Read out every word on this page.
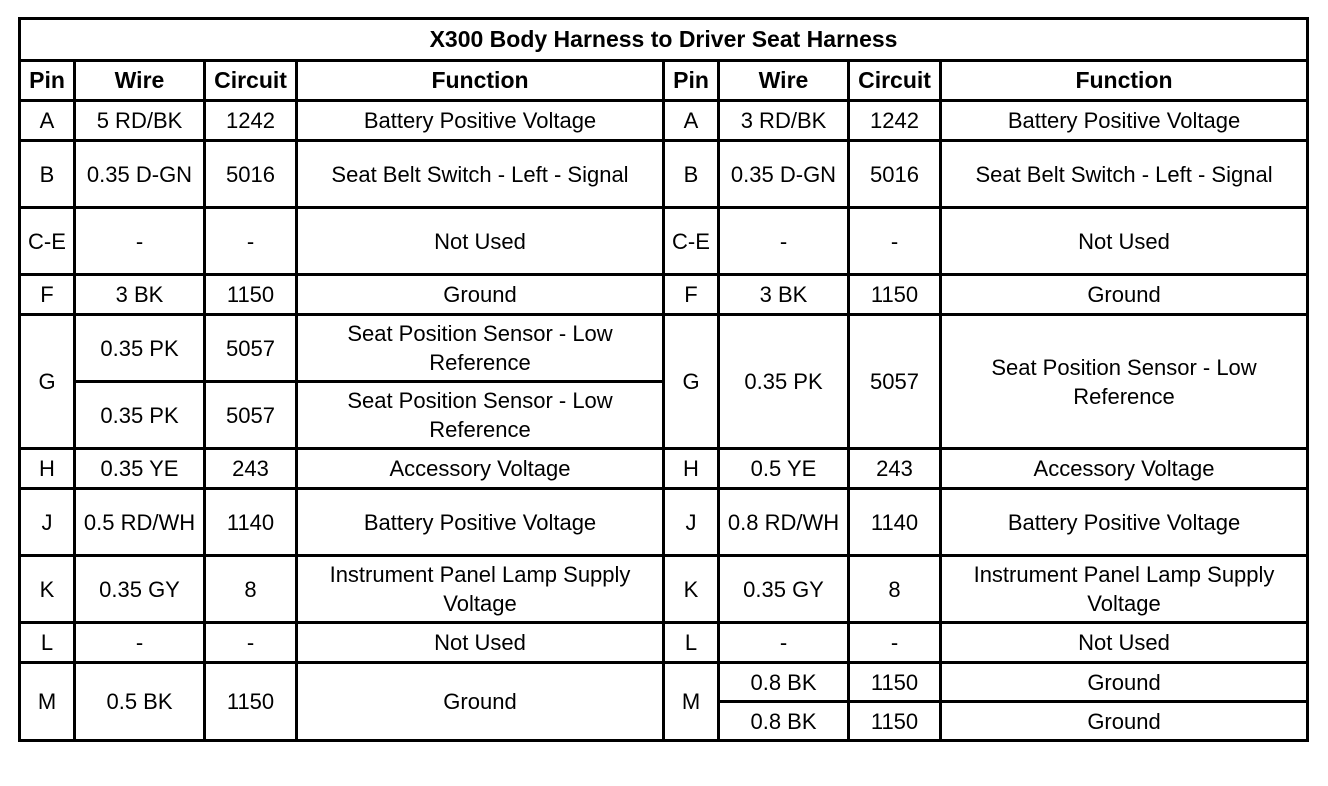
X300 Body Harness to Driver Seat Harness							
Pin	Wire	Circuit	Function	Pin	Wire	Circuit	Function
A	5 RD/BK	1242	Battery Positive Voltage	A	3 RD/BK	1242	Battery Positive Voltage
B	0.35 D-GN	5016	Seat Belt Switch - Left - Signal	B	0.35 D-GN	5016	Seat Belt Switch - Left - Signal
C-E	-	-	Not Used	C-E	-	-	Not Used
F	3 BK	1150	Ground	F	3 BK	1150	Ground
G	0.35 PK	5057	Seat Position Sensor - Low Reference	G	0.35 PK	5057	Seat Position Sensor - Low Reference
	0.35 PK	5057	Seat Position Sensor - Low Reference				
H	0.35 YE	243	Accessory Voltage	H	0.5 YE	243	Accessory Voltage
J	0.5 RD/WH	1140	Battery Positive Voltage	J	0.8 RD/WH	1140	Battery Positive Voltage
K	0.35 GY	8	Instrument Panel Lamp Supply Voltage	K	0.35 GY	8	Instrument Panel Lamp Supply Voltage
L	-	-	Not Used	L	-	-	Not Used
M	0.5 BK	1150	Ground	M	0.8 BK	1150	Ground
					0.8 BK	1150	Ground
